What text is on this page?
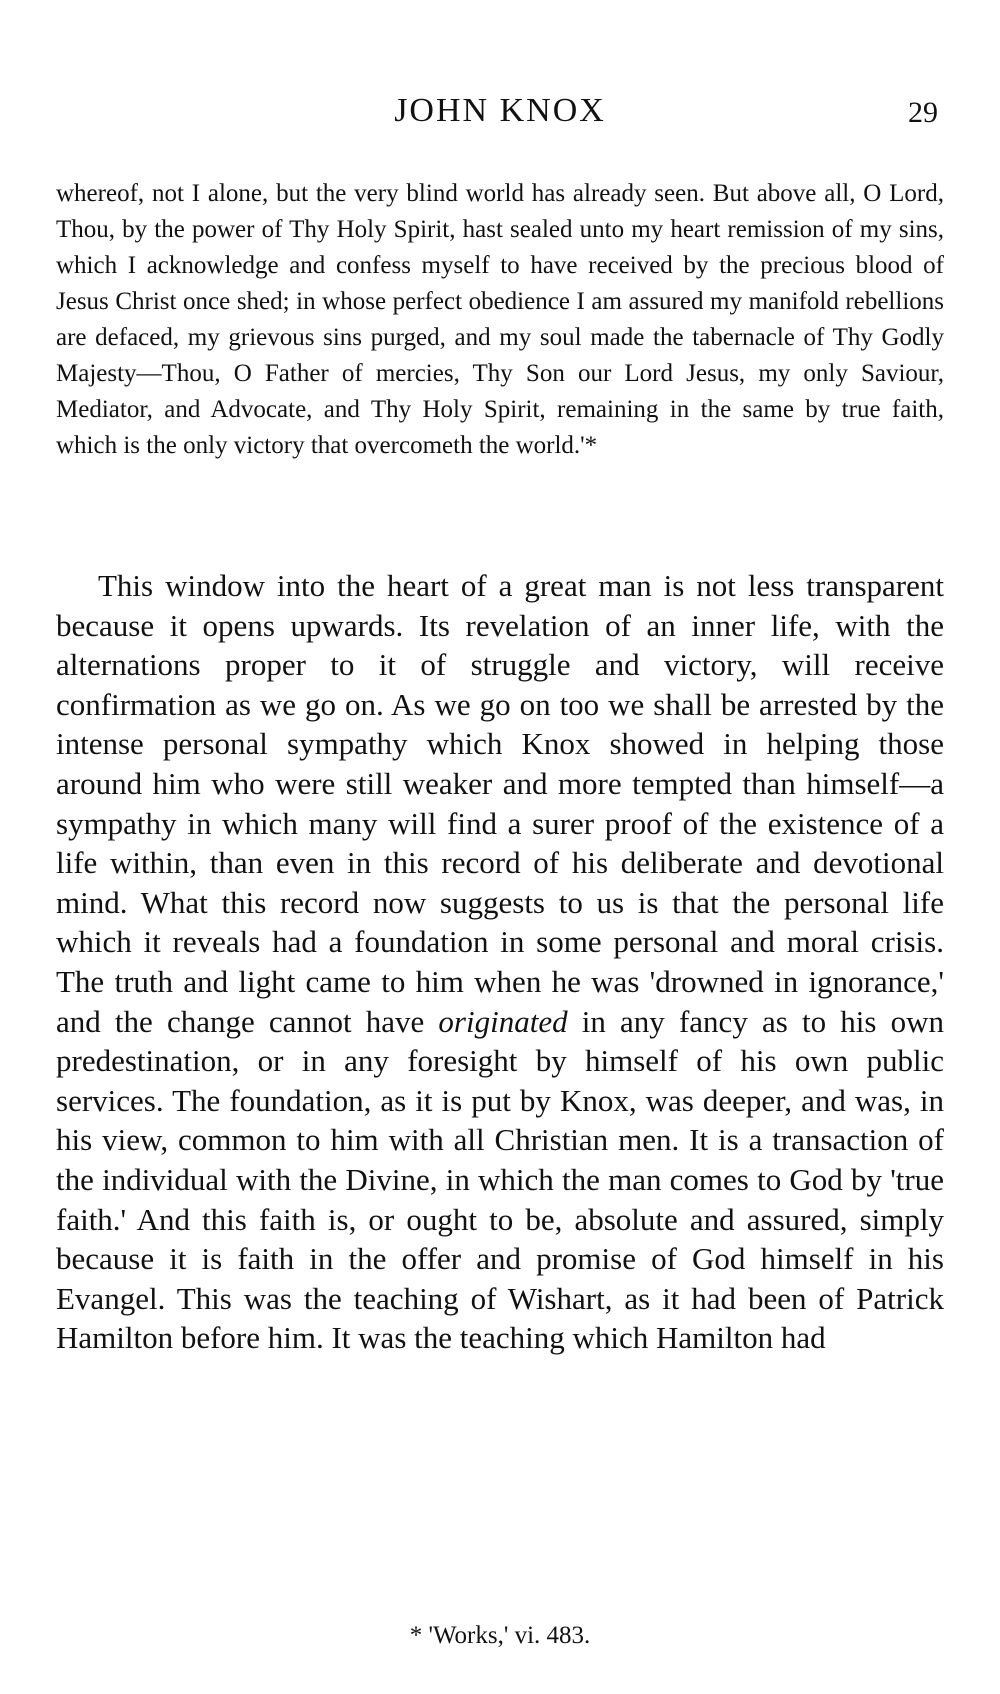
JOHN KNOX	29
whereof, not I alone, but the very blind world has already seen. But above all, O Lord, Thou, by the power of Thy Holy Spirit, hast sealed unto my heart remission of my sins, which I acknowledge and confess myself to have received by the precious blood of Jesus Christ once shed; in whose perfect obedience I am assured my manifold rebellions are defaced, my grievous sins purged, and my soul made the tabernacle of Thy Godly Majesty—Thou, O Father of mercies, Thy Son our Lord Jesus, my only Saviour, Mediator, and Advocate, and Thy Holy Spirit, remaining in the same by true faith, which is the only victory that overcometh the world.'*

This window into the heart of a great man is not less transparent because it opens upwards. Its revelation of an inner life, with the alternations proper to it of struggle and victory, will receive confirmation as we go on. As we go on too we shall be arrested by the intense personal sympathy which Knox showed in helping those around him who were still weaker and more tempted than himself—a sympathy in which many will find a surer proof of the existence of a life within, than even in this record of his deliberate and devotional mind. What this record now suggests to us is that the personal life which it reveals had a foundation in some personal and moral crisis. The truth and light came to him when he was 'drowned in ignorance,' and the change cannot have originated in any fancy as to his own predestination, or in any foresight by himself of his own public services. The foundation, as it is put by Knox, was deeper, and was, in his view, common to him with all Christian men. It is a transaction of the individual with the Divine, in which the man comes to God by 'true faith.' And this faith is, or ought to be, absolute and assured, simply because it is faith in the offer and promise of God himself in his Evangel. This was the teaching of Wishart, as it had been of Patrick Hamilton before him. It was the teaching which Hamilton had

* 'Works,' vi. 483.
